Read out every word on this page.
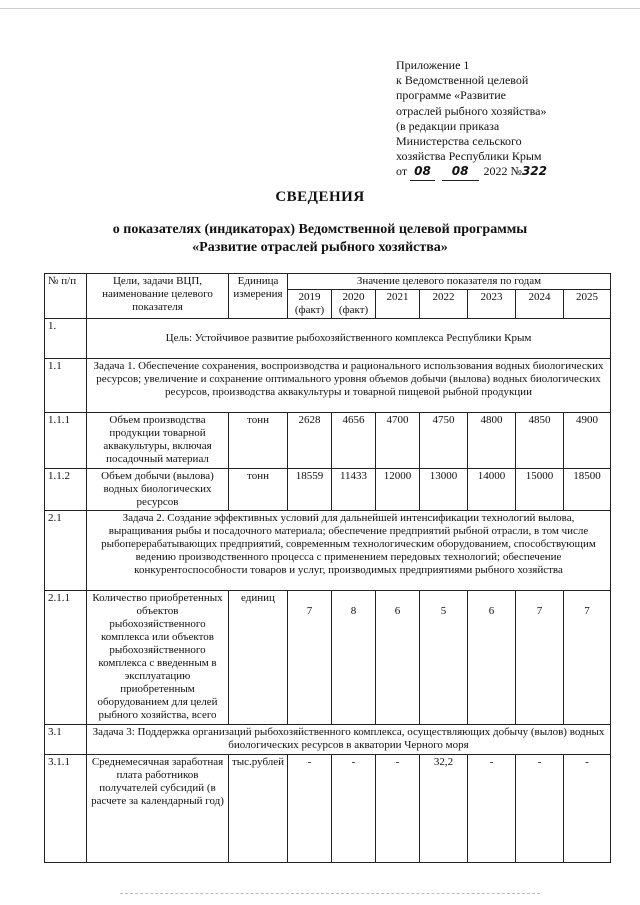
Приложение 1
к Ведомственной целевой
программе «Развитие
отраслей рыбного хозяйства»
(в редакции приказа
Министерства сельского
хозяйства Республики Крым
от 08 08 2022 №322
СВЕДЕНИЯ
о показателях (индикаторах) Ведомственной целевой программы
«Развитие отраслей рыбного хозяйства»
№ п/п	Цели, задачи ВЦП, наименование целевого показателя	Единица измерения	Значение целевого показателя по годам						
			2019 (факт)	2020 (факт)	2021	2022	2023	2024	2025
1.	Цель: Устойчивое развитие рыбохозяйственного комплекса Республики Крым								
1.1	Задача 1. Обеспечение сохранения, воспроизводства и рационального использования водных биологических ресурсов; увеличение и сохранение оптимального уровня объемов добычи (вылова) водных биологических ресурсов, производства аквакультуры и товарной пищевой рыбной продукции								
1.1.1	Объем производства продукции товарной аквакультуры, включая посадочный материал	тонн	2628	4656	4700	4750	4800	4850	4900
1.1.2	Объем добычи (вылова) водных биологических ресурсов	тонн	18559	11433	12000	13000	14000	15000	18500
2.1	Задача 2. Создание эффективных условий для дальнейшей интенсификации технологий вылова, выращивания рыбы и посадочного материала; обеспечение предприятий рыбной отрасли, в том числе рыбоперерабатывающих предприятий, современным технологическим оборудованием, способствующим ведению производственного процесса с применением передовых технологий; обеспечение конкурентоспособности товаров и услуг, производимых предприятиями рыбного хозяйства								
2.1.1	Количество приобретенных объектов рыбохозяйственного комплекса или объектов рыбохозяйственного комплекса с введенным в эксплуатацию приобретенным оборудованием для целей рыбного хозяйства, всего	единиц	7	8	6	5	6	7	7
3.1	Задача 3: Поддержка организаций рыбохозяйственного комплекса, осуществляющих добычу (вылов) водных биологических ресурсов в акватории Черного моря								
3.1.1	Среднемесячная заработная плата работников получателей субсидий (в расчете за календарный год)	тыс.рублей	-	-	-	32,2	-	-	-
